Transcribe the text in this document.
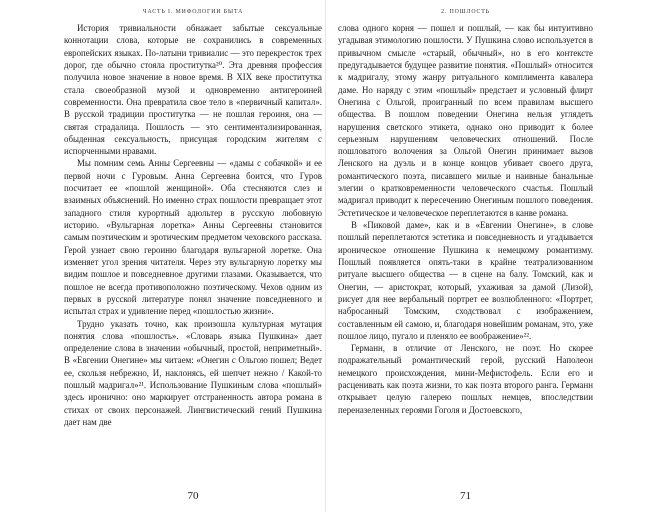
ЧАСТЬ I. МИФОЛОГИИ БЫТА

История тривиальности обнажает забытые сексуальные коннотации слова, которые не сохранились в современных европейских языках. По-латыни тривиалис — это перекресток трех дорог, где обычно стояла проститутка²⁰. Эта древняя профессия получила новое значение в новое время. В XIX веке проститутка стала своеобразной музой и одновременно антигероиней современности. Она превратила свое тело в «первичный капитал». В русской традиции проститутка — не пошлая героиня, она — святая страдалица. Пошлость — это сентиментализированная, обыденная сексуальность, присущая городским жителям с испорченными нравами.

Мы помним семь Анны Сергеевны — «дамы с собачкой» и ее первой ночи с Гуровым. Анна Сергеевна боится, что Гуров посчитает ее «пошлой женщиной». Оба стесняются слез и взаимных объяснений. Но именно страх пошлости превращает этот западного стиля курортный адюльтер в русскую любовную историю. «Вульгарная лоретка» Анны Сергеевны становится самым поэтическим и эротическим предметом чеховского рассказа. Герой узнает свою героиню благодаря вульгарной лоретке. Она изменяет угол зрения читателя. Через эту вульгарную лоретку мы видим пошлое и повседневное другими глазами. Оказывается, что пошлое не всегда противоположно поэтическому. Чехов одним из первых в русской литературе понял значение повседневного и испытал страх и удивление перед «пошлостью жизни».

Трудно указать точно, как произошла культурная мутация понятия слова «пошлость». «Словарь языка Пушкина» дает определение слова в значении «обычный, простой, неприметный». В «Евгении Онегине» мы читаем: «Онегин с Ольгою пошел; Ведет ее, скользя небрежно, И, наклонясь, ей шепчет нежно / Какой-то пошлый мадригал»²¹. Использование Пушкиным слова «пошлый» здесь иронично: оно маркирует отстраненность автора романа в стихах от своих персонажей. Лингвистический гений Пушкина дает нам две

70
2. ПОШЛОСТЬ

слова одного корня — пошел и пошлый, — как бы интуитивно угадывая этимологию пошлости. У Пушкина слово используется в привычном смысле «старый, обычный», но в его контексте предугадывается будущее развитие понятия. «Пошлый» относится к мадригалу, этому жанру ритуального комплимента кавалера даме. Но наряду с этим «пошлый» предстает и условный флирт Онегина с Ольгой, проигранный по всем правилам высшего общества. В пошлом поведении Онегина нельзя углядеть нарушения светского этикета, однако оно приводит к более серьезным нарушениям человеческих отношений. После пошловатого волочения за Ольгой Онегин принимает вызов Ленского на дуэль и в конце концов убивает своего друга, романтического поэта, писавшего милые и наивные банальные элегии о кратковременности человеческого счастья. Пошлый мадригал приводит к пересечению Онегиным пошлого поведения. Эстетическое и человеческое переплетаются в канве романа.

В «Пиковой даме», как и в «Евгении Онегине», в слове пошлый переплетаются эстетика и повседневность и угадывается ироническое отношение Пушкина к немецкому романтизму. Пошлый появляется опять-таки в крайне театрализованном ритуале высшего общества — в сцене на балу. Томский, как и Онегин, — аристократ, который, ухаживая за дамой (Лизой), рисует для нее вербальный портрет ее возлюбленного: «Портрет, набросанный Томским, сходствовал с изображением, составленным ей самою, и, благодаря новейшим романам, это, уже пошлое лицо, пугало и пленяло ее воображение»²².

Германн, в отличие от Ленского, не поэт. Но скорее подражательный романтический герой, русский Наполеон немецкого происхождения, мини-Мефистофель. Если его и расценивать как поэта жизни, то как поэта второго ранга. Германн открывает целую галерею пошлых немцев, впоследствии переназеленных героями Гоголя и Достоевского,

71
